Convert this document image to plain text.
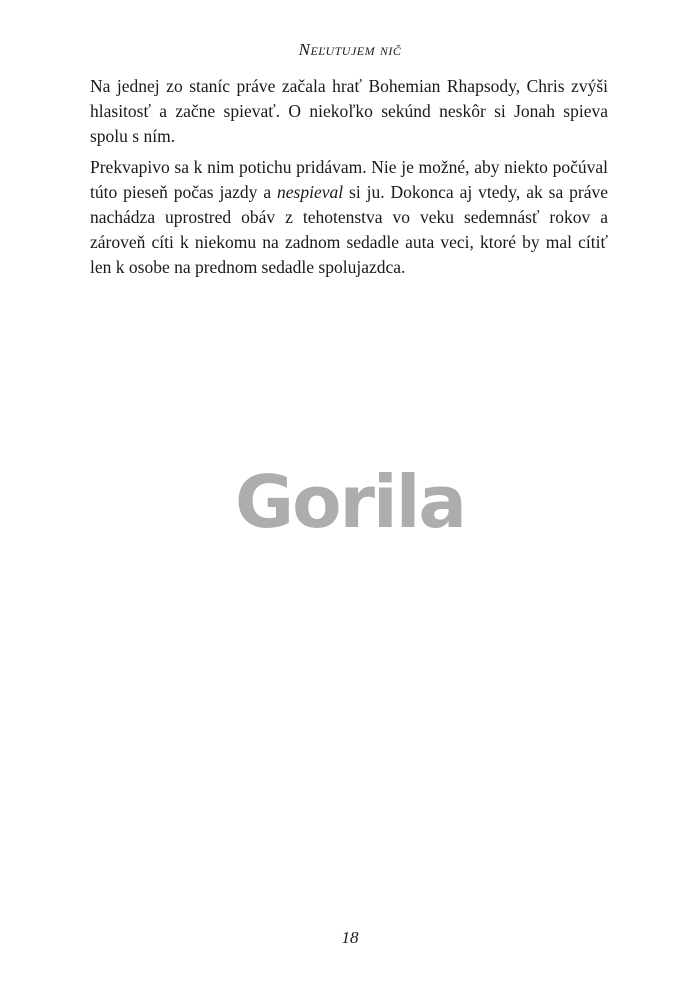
Neľutujem nič

Na jednej zo staníc práve začala hrať Bohemian Rhapsody, Chris zvýši hlasitosť a začne spievať. O niekoľko sekúnd neskôr si Jonah spieva spolu s ním.

Prekvapivo sa k nim potichu pridávam. Nie je možné, aby niekto počúval túto pieseň počas jazdy a nespieval si ju. Dokonca aj vtedy, ak sa práve nachádza uprostred obáv z tehotenstva vo veku sedemnásť rokov a zároveň cíti k niekomu na zadnom sedadle auta veci, ktoré by mal cítiť len k osobe na prednom sedadle spolujazdca.

Gorila
18
